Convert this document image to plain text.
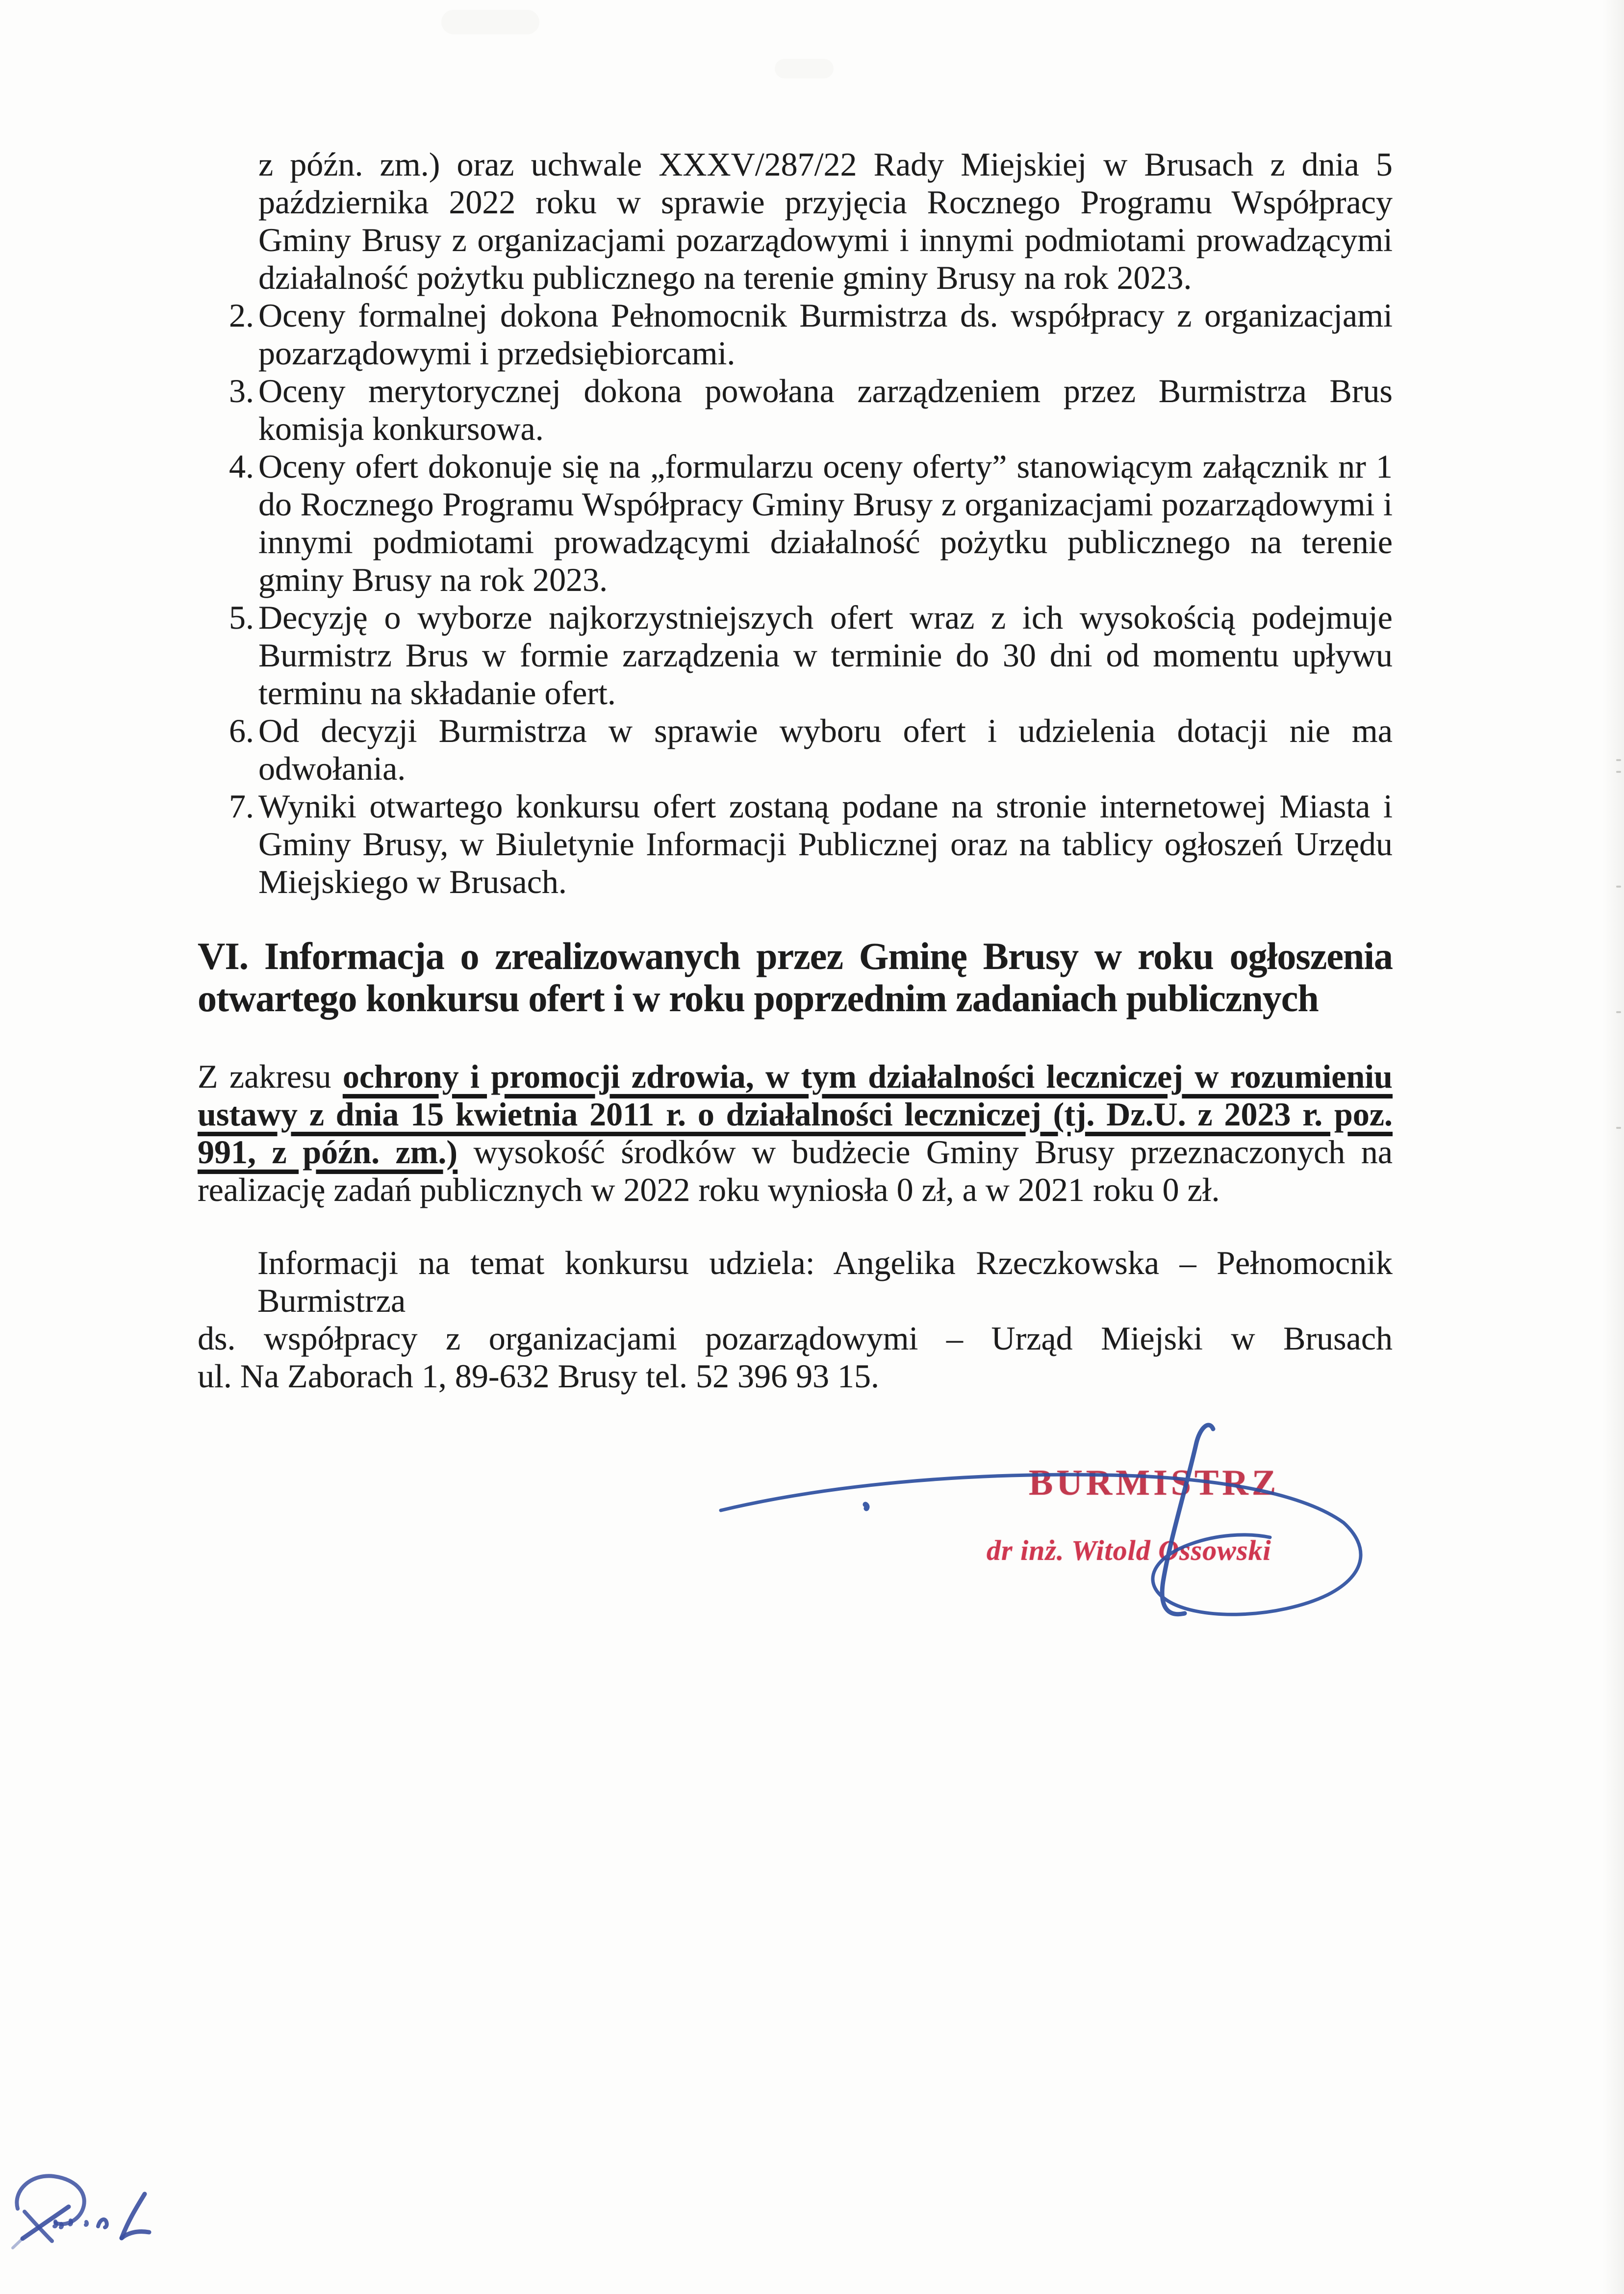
z późn. zm.) oraz uchwale XXXV/287/22 Rady Miejskiej w Brusach z dnia 5 października 2022 roku w sprawie przyjęcia Rocznego Programu Współpracy Gminy Brusy z organizacjami pozarządowymi i innymi podmiotami prowadzącymi działalność pożytku publicznego na terenie gminy Brusy na rok 2023.
2. Oceny formalnej dokona Pełnomocnik Burmistrza ds. współpracy z organizacjami pozarządowymi i przedsiębiorcami.
3. Oceny merytorycznej dokona powołana zarządzeniem przez Burmistrza Brus komisja konkursowa.
4. Oceny ofert dokonuje się na „formularzu oceny oferty” stanowiącym załącznik nr 1 do Rocznego Programu Współpracy Gminy Brusy z organizacjami pozarządowymi i innymi podmiotami prowadzącymi działalność pożytku publicznego na terenie gminy Brusy na rok 2023.
5. Decyzję o wyborze najkorzystniejszych ofert wraz z ich wysokością podejmuje Burmistrz Brus w formie zarządzenia w terminie do 30 dni od momentu upływu terminu na składanie ofert.
6. Od decyzji Burmistrza w sprawie wyboru ofert i udzielenia dotacji nie ma odwołania.
7. Wyniki otwartego konkursu ofert zostaną podane na stronie internetowej Miasta i Gminy Brusy, w Biuletynie Informacji Publicznej oraz na tablicy ogłoszeń Urzędu Miejskiego w Brusach.
VI. Informacja o zrealizowanych przez Gminę Brusy w roku ogłoszenia otwartego konkursu ofert i w roku poprzednim zadaniach publicznych
Z zakresu ochrony i promocji zdrowia, w tym działalności leczniczej w rozumieniu ustawy z dnia 15 kwietnia 2011 r. o działalności leczniczej (tj. Dz.U. z 2023 r. poz. 991, z późn. zm.) wysokość środków w budżecie Gminy Brusy przeznaczonych na realizację zadań publicznych w 2022 roku wyniosła 0 zł, a w 2021 roku 0 zł.
Informacji na temat konkursu udziela: Angelika Rzeczkowska – Pełnomocnik Burmistrza
ds. współpracy z organizacjami pozarządowymi – Urząd Miejski w Brusach
ul. Na Zaborach 1, 89-632 Brusy tel. 52 396 93 15.
BURMISTRZ
dr inż. Witold Ossowski
